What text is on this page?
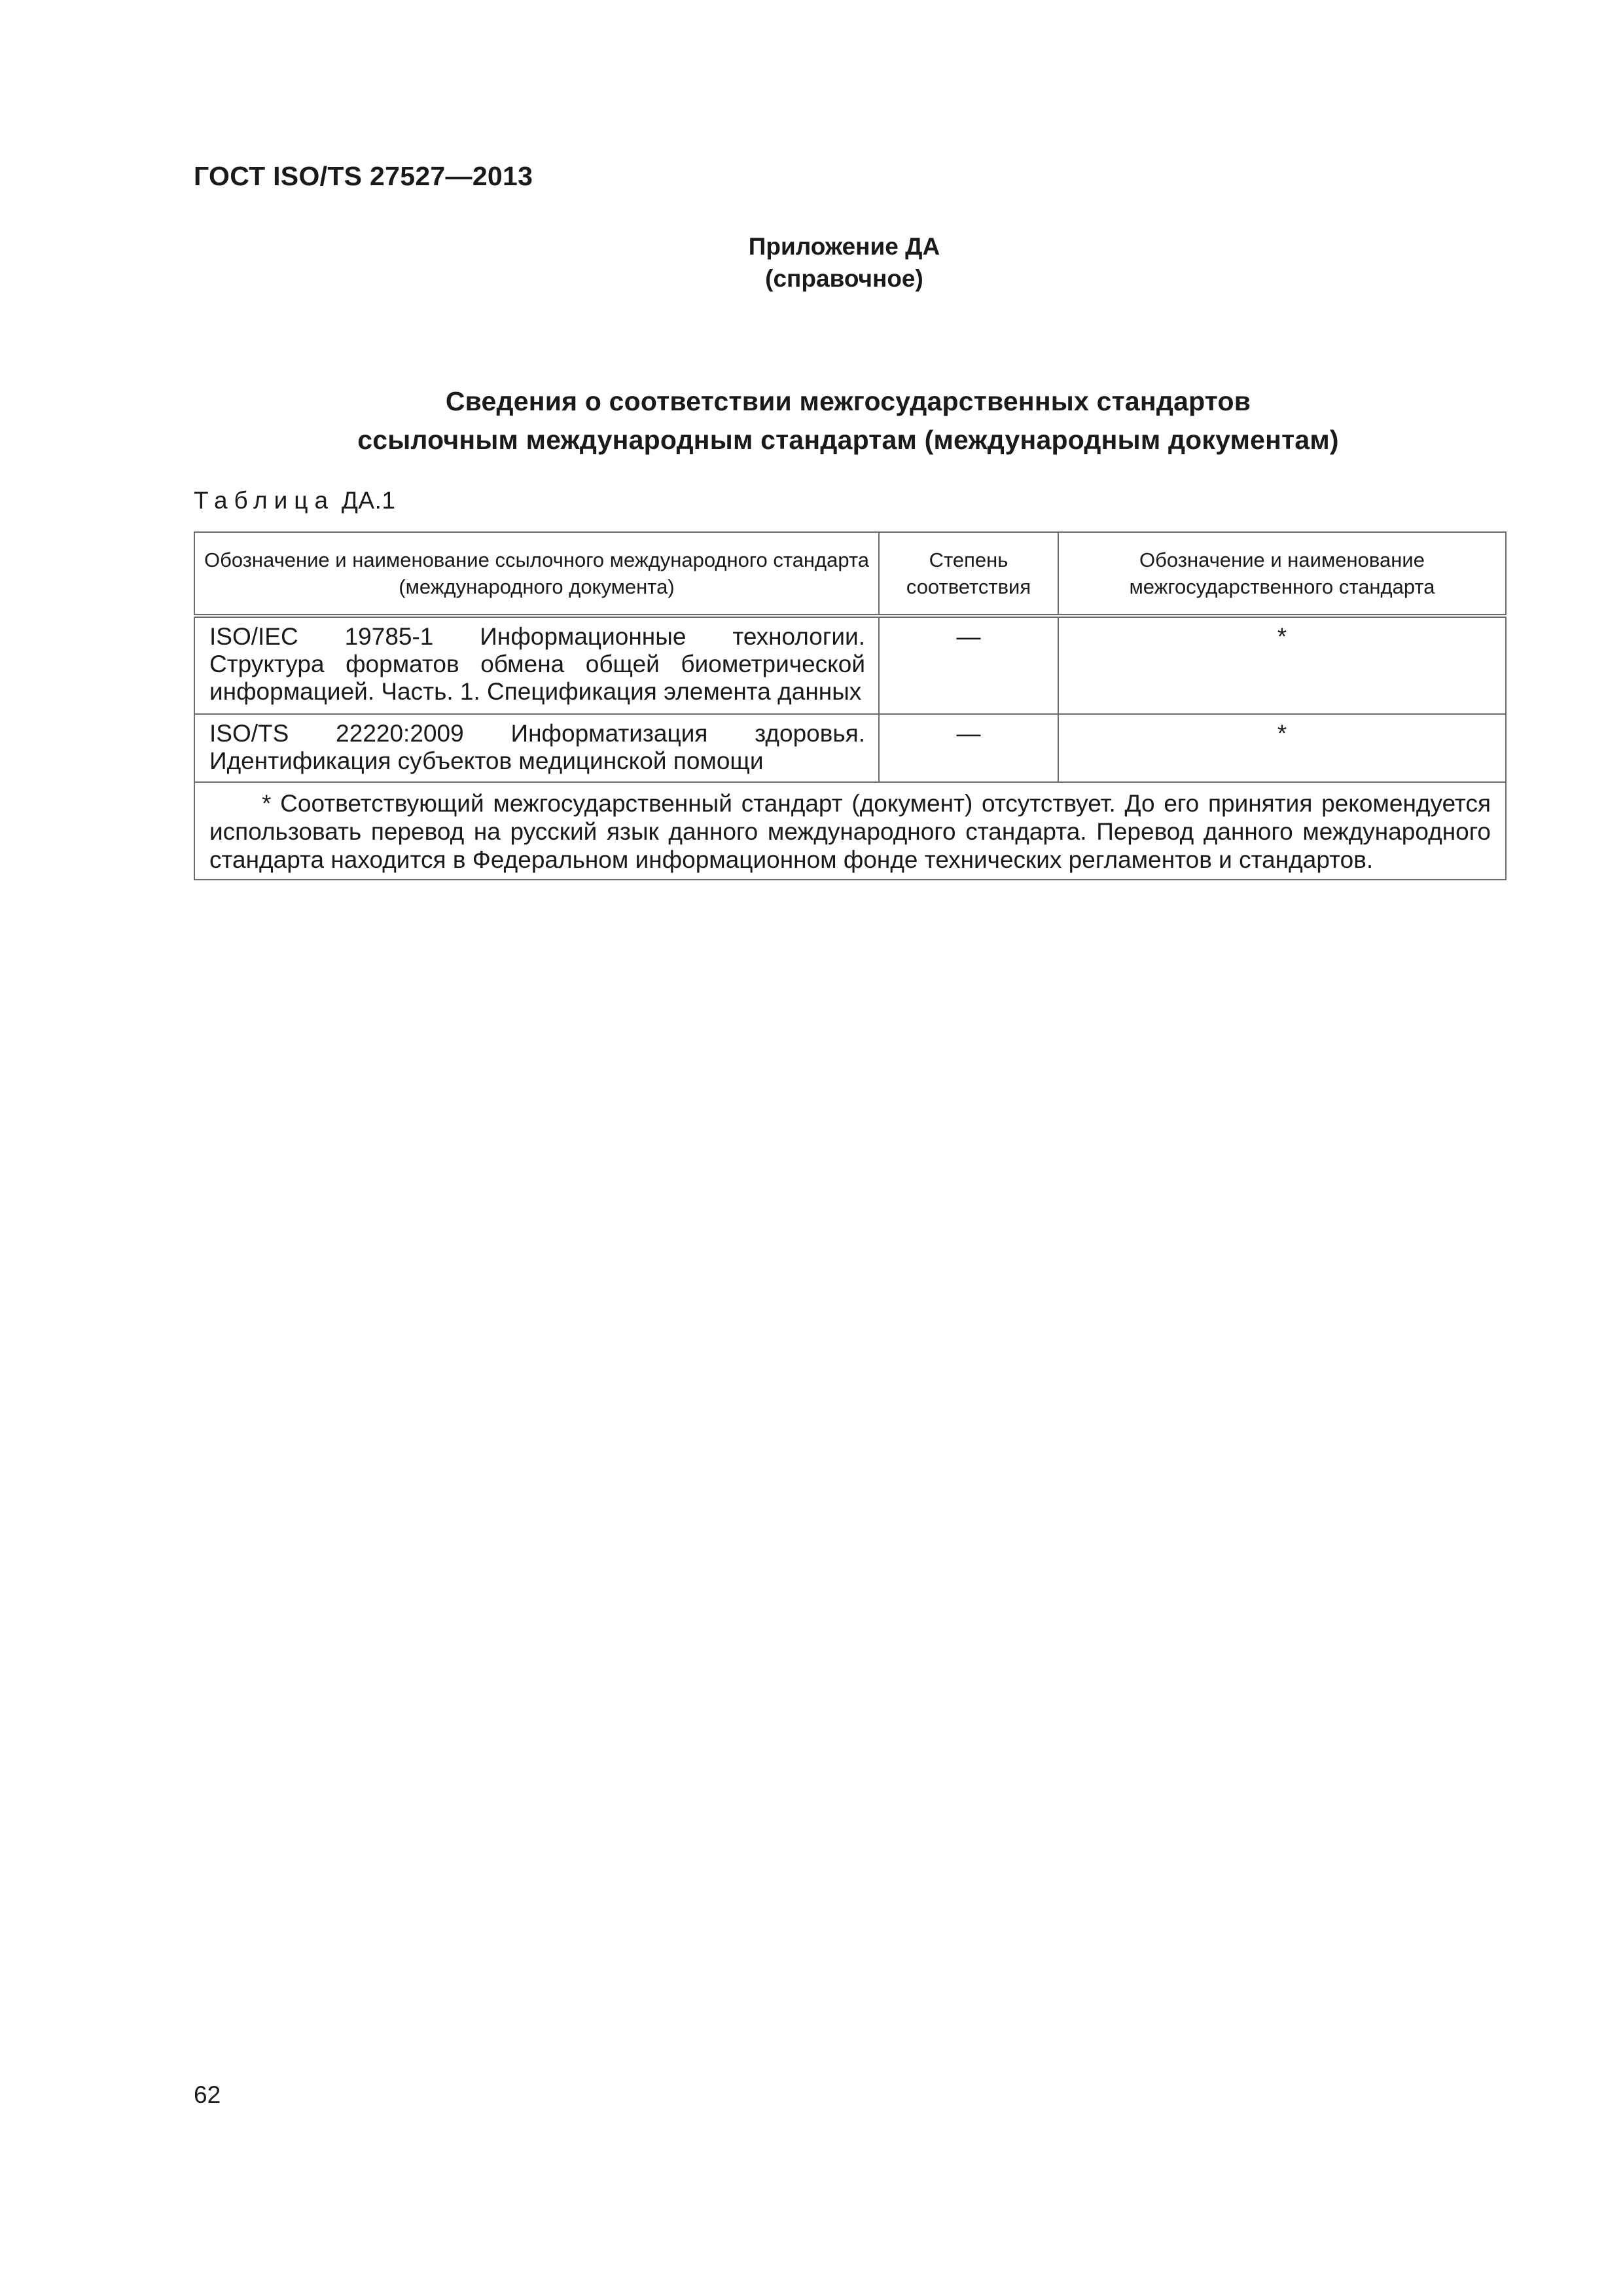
ГОСТ ISO/TS 27527—2013
Приложение ДА
(справочное)
Сведения о соответствии межгосударственных стандартов
ссылочным международным стандартам (международным документам)
Таблица ДА.1
Обозначение и наименование ссылочного международного стандарта (международного документа)	Степень соответствия	Обозначение и наименование межгосударственного стандарта
ISO/IEC 19785-1 Информационные технологии. Структура форматов обмена общей биометрической информацией. Часть. 1. Спецификация элемента данных	—	*
ISO/TS 22220:2009 Информатизация здоровья. Идентификация субъектов медицинской помощи	—	*
* Соответствующий межгосударственный стандарт (документ) отсутствует. До его принятия рекомендуется использовать перевод на русский язык данного международного стандарта. Перевод данного международного стандарта находится в Федеральном информационном фонде технических регламентов и стандартов.		
62
